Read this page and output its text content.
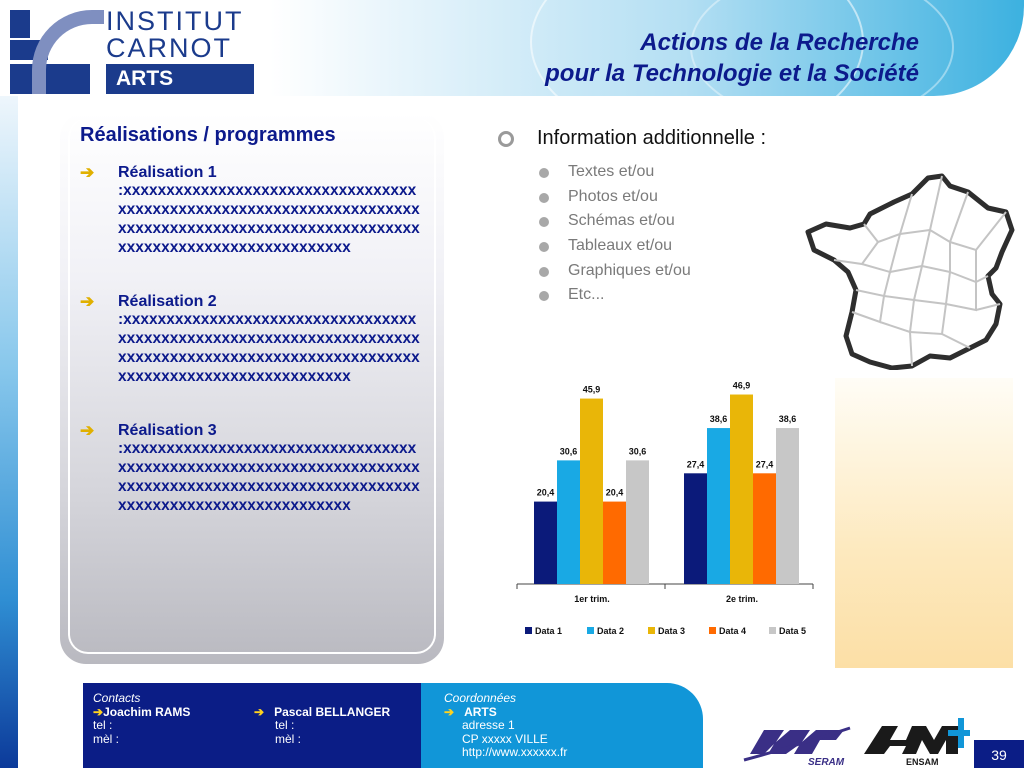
Actions de la Recherche
pour la Technologie et la Société
INSTITUT
CARNOT
ARTS
Réalisations / programmes
➔ Réalisation 1

:xxxxxxxxxxxxxxxxxxxxxxxxxxxxxxxxxxxxxxxxxxxxxxxxxxxxxxxxxxxxxxxxxxxxxxxxxxxxxxxxxxxxxxxxxxxxxxxxxxxxxxxxxxxxxxxxxxxxxxxxxxxxxxxxxxx

➔ Réalisation 2

:xxxxxxxxxxxxxxxxxxxxxxxxxxxxxxxxxxxxxxxxxxxxxxxxxxxxxxxxxxxxxxxxxxxxxxxxxxxxxxxxxxxxxxxxxxxxxxxxxxxxxxxxxxxxxxxxxxxxxxxxxxxxxxxxxxx

➔ Réalisation 3

:xxxxxxxxxxxxxxxxxxxxxxxxxxxxxxxxxxxxxxxxxxxxxxxxxxxxxxxxxxxxxxxxxxxxxxxxxxxxxxxxxxxxxxxxxxxxxxxxxxxxxxxxxxxxxxxxxxxxxxxxxxxxxxxxxxx

Information additionnelle :
Textes et/ou
Photos et/ou
Schémas et/ou
Tableaux et/ou
Graphiques et/ou
Etc...
20,4
30,6
45,9
20,4
30,6
1er trim.
27,4
38,6
46,9
27,4
38,6
2e trim.
Data 1	Data 2	Data 3	Data 4	Data 5
Contacts
➔Joachim RAMS
tel :
mèl :
➔ Pascal BELLANGER
tel :
mèl :
Coordonnées
➔ ARTS
adresse 1
CP xxxxx VILLE
http://www.xxxxxx.fr
SERAM	ENSAM	39
